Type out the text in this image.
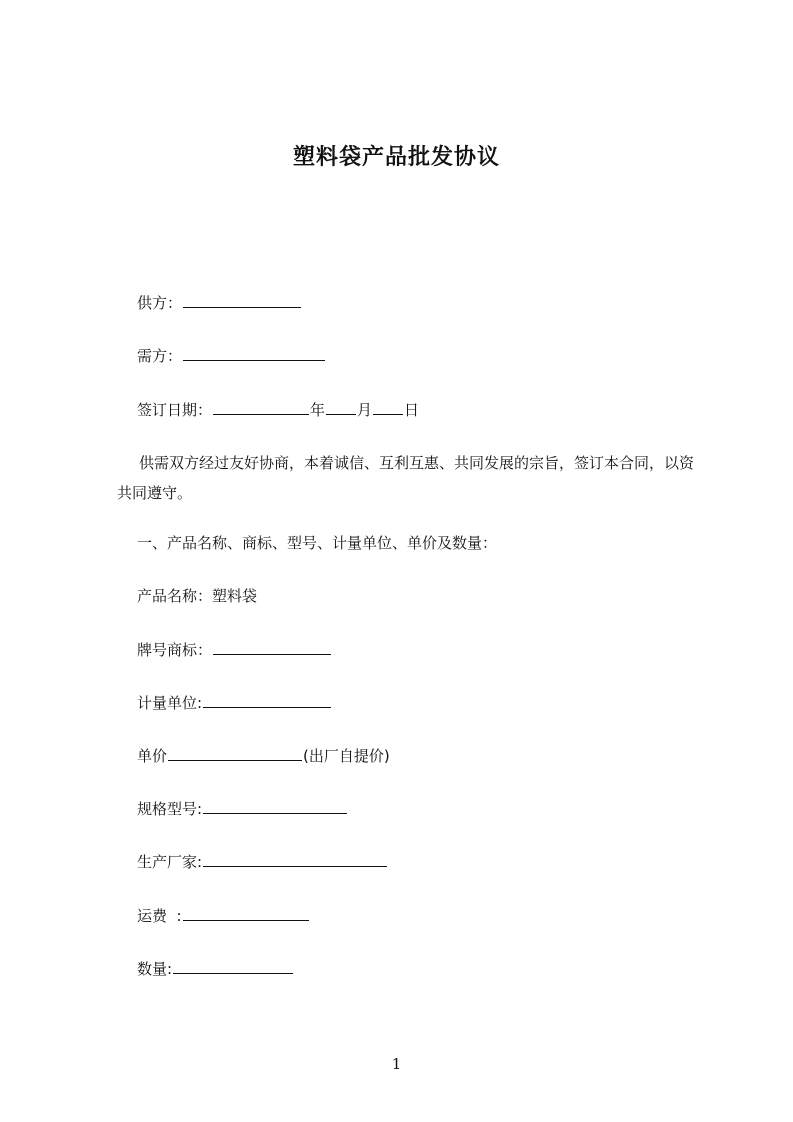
塑料袋产品批发协议
供方：
需方：
签订日期：	年 月 日
供需双方经过友好协商，本着诚信、互利互惠、共同发展的宗旨，签订本合同，以资共同遵守。
一、产品名称、商标、型号、计量单位、单价及数量：
产品名称：塑料袋
牌号商标：
计量单位:
单价	(出厂自提价)
规格型号:
生产厂家:
运费  :
数量:
1
